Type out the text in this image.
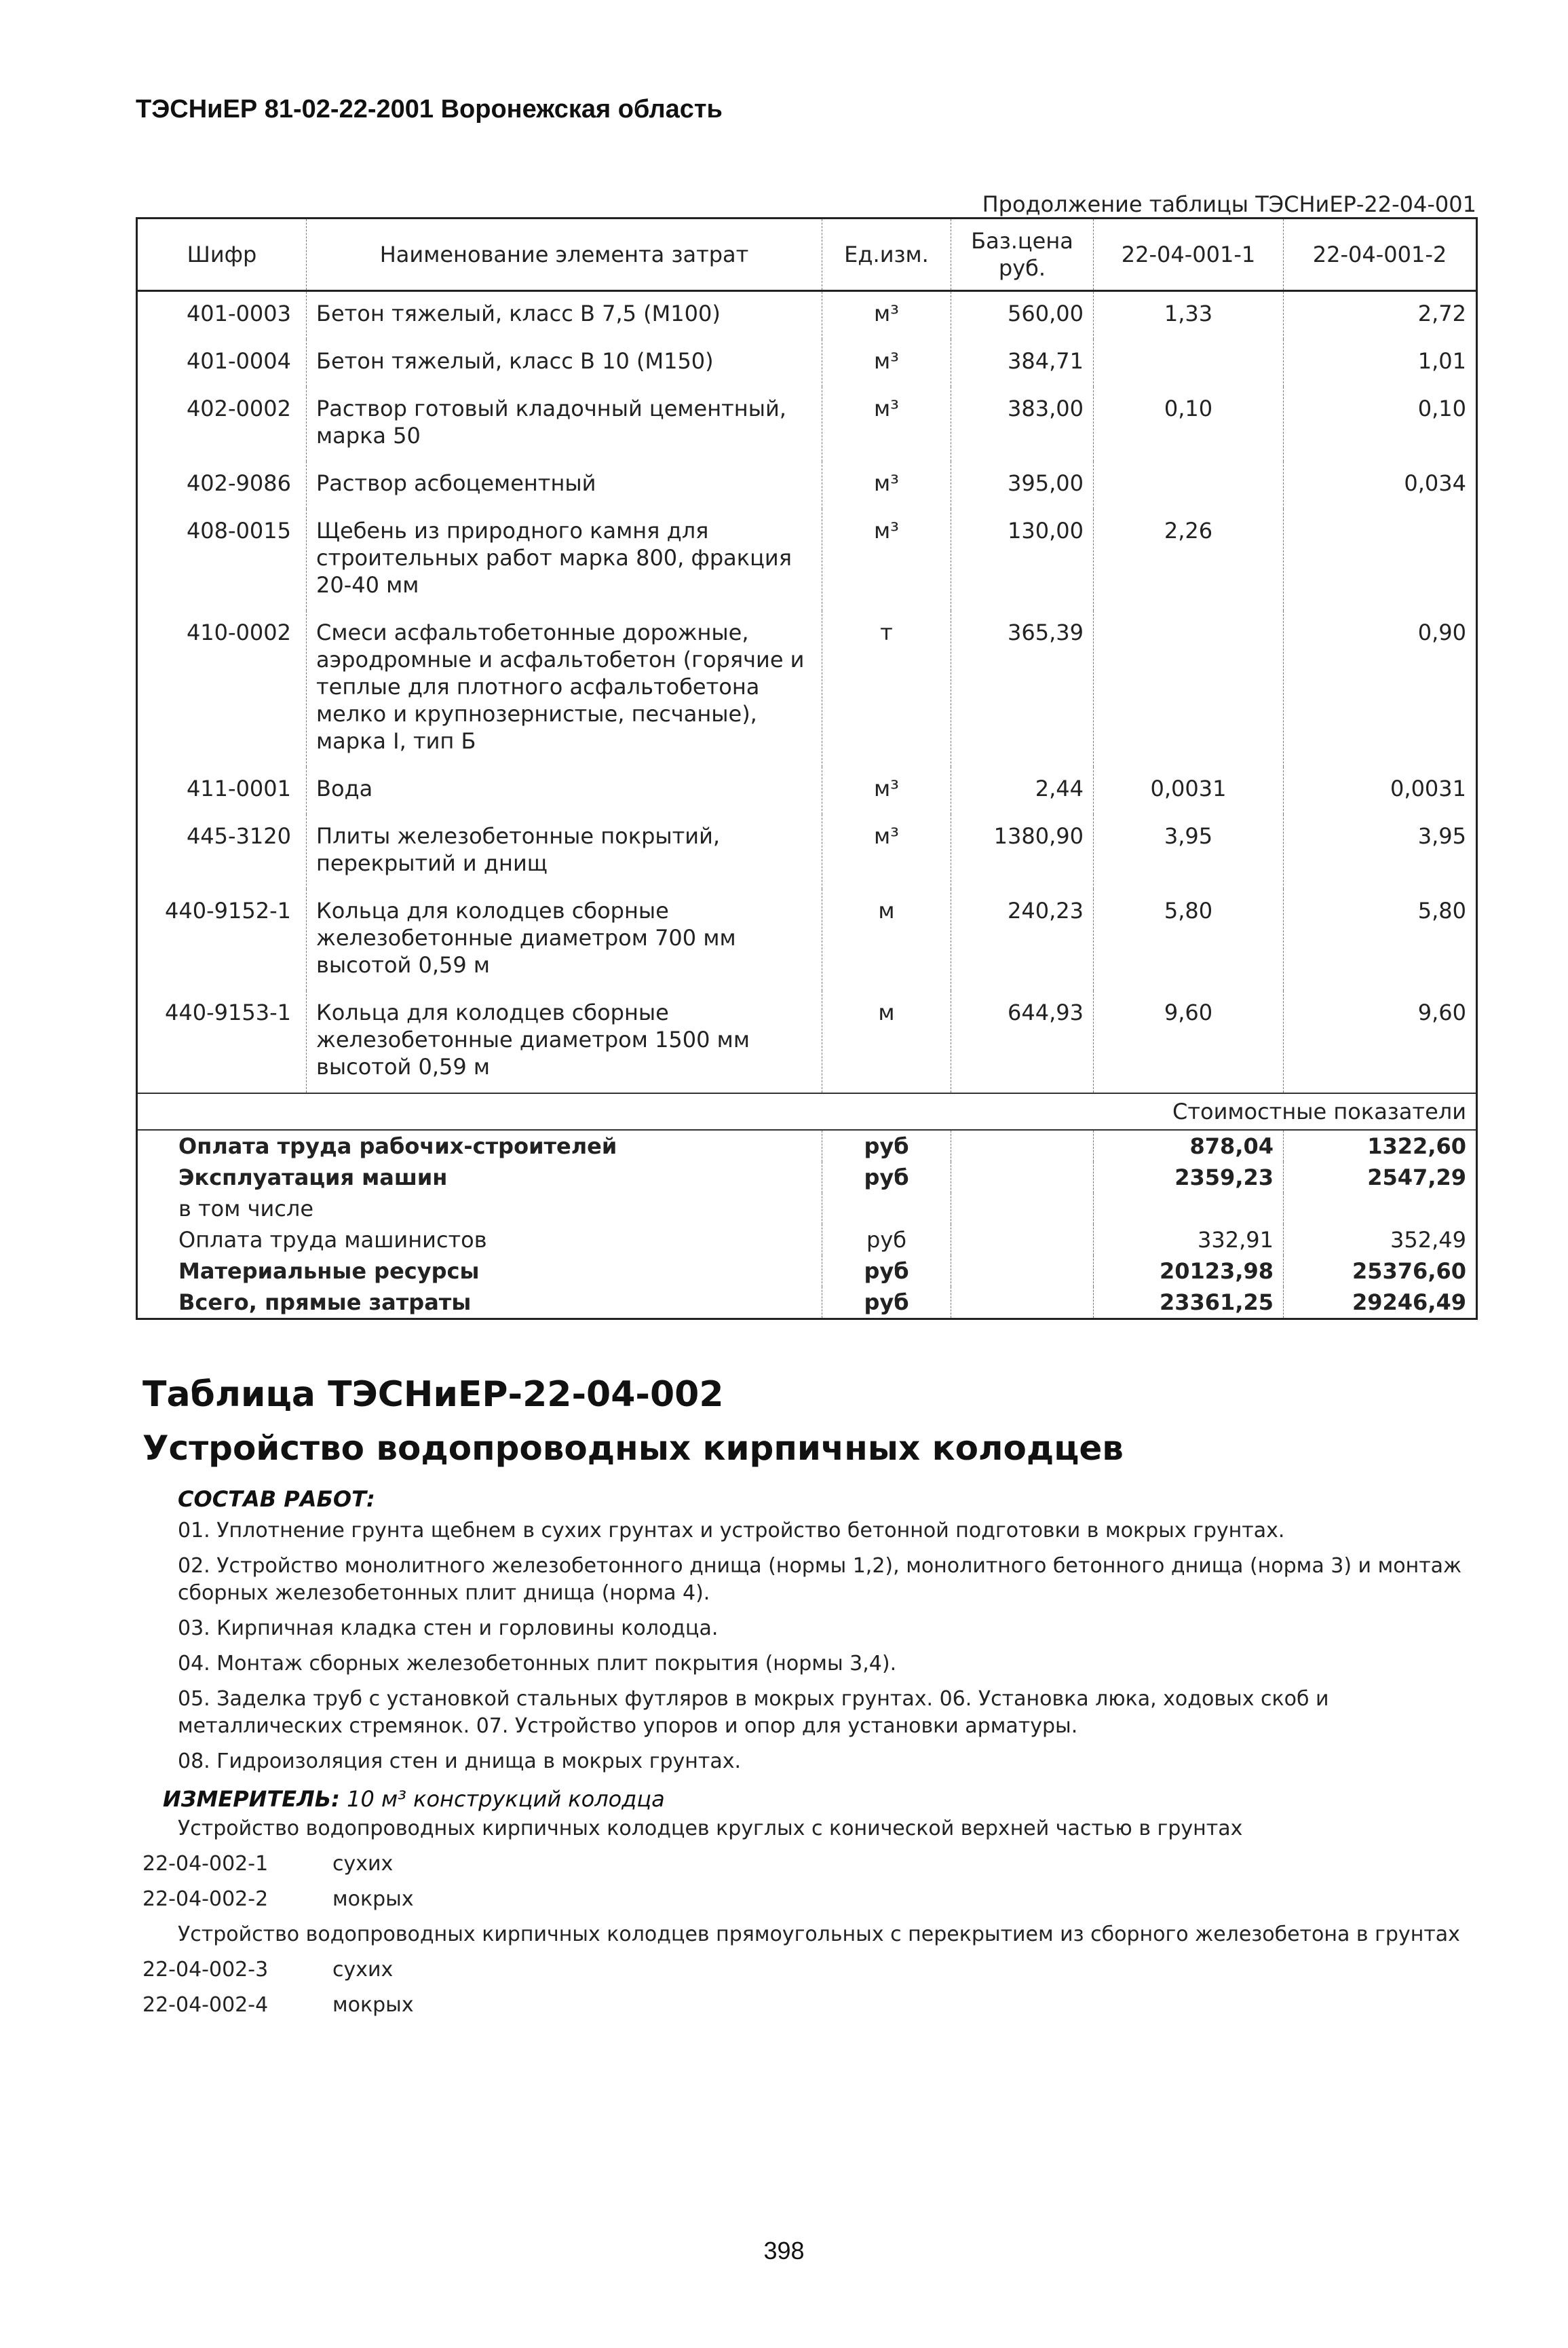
ТЭСНиЕР 81-02-22-2001 Воронежская область
Продолжение таблицы ТЭСНиЕР-22-04-001
Шифр	Наименование элемента затрат	Ед.изм.	Баз.цена руб.	22-04-001-1	22-04-001-2
401-0003	Бетон тяжелый, класс В 7,5 (М100)	м³	560,00	1,33	2,72
401-0004	Бетон тяжелый, класс В 10 (М150)	м³	384,71		1,01
402-0002	Раствор готовый кладочный цементный, марка 50	м³	383,00	0,10	0,10
402-9086	Раствор асбоцементный	м³	395,00		0,034
408-0015	Щебень из природного камня для строительных работ марка 800, фракция 20-40 мм	м³	130,00	2,26	
410-0002	Смеси асфальтобетонные дорожные, аэродромные и асфальтобетон (горячие и теплые для плотного асфальтобетона мелко и крупнозернистые, песчаные), марка I, тип Б	т	365,39		0,90
411-0001	Вода	м³	2,44	0,0031	0,0031
445-3120	Плиты железобетонные покрытий, перекрытий и днищ	м³	1380,90	3,95	3,95
440-9152-1	Кольца для колодцев сборные железобетонные диаметром 700 мм высотой 0,59 м	м	240,23	5,80	5,80
440-9153-1	Кольца для колодцев сборные железобетонные диаметром 1500 мм высотой 0,59 м	м	644,93	9,60	9,60
Стоимостные показатели					
Оплата труда рабочих-строителей		руб		878,04	1322,60
Эксплуатация машин		руб		2359,23	2547,29
в том числе					
Оплата труда машинистов		руб		332,91	352,49
Материальные ресурсы		руб		20123,98	25376,60
Всего, прямые затраты		руб		23361,25	29246,49
Таблица ТЭСНиЕР-22-04-002
Устройство водопроводных кирпичных колодцев
СОСТАВ РАБОТ:
01. Уплотнение грунта щебнем в сухих грунтах и устройство бетонной подготовки в мокрых грунтах.
02. Устройство монолитного железобетонного днища (нормы 1,2), монолитного бетонного днища (норма 3) и монтаж сборных железобетонных плит днища (норма 4).
03. Кирпичная кладка стен и горловины колодца.
04. Монтаж сборных железобетонных плит покрытия (нормы 3,4).
05. Заделка труб с установкой стальных футляров в мокрых грунтах. 06. Установка люка, ходовых скоб и металлических стремянок. 07. Устройство упоров и опор для установки арматуры.
08. Гидроизоляция стен и днища в мокрых грунтах.
ИЗМЕРИТЕЛЬ: 10 м³ конструкций колодца
Устройство водопроводных кирпичных колодцев круглых с конической верхней частью в грунтах
22-04-002-1	сухих
22-04-002-2	мокрых
Устройство водопроводных кирпичных колодцев прямоугольных с перекрытием из сборного железобетона в грунтах
22-04-002-3	сухих
22-04-002-4	мокрых
398
